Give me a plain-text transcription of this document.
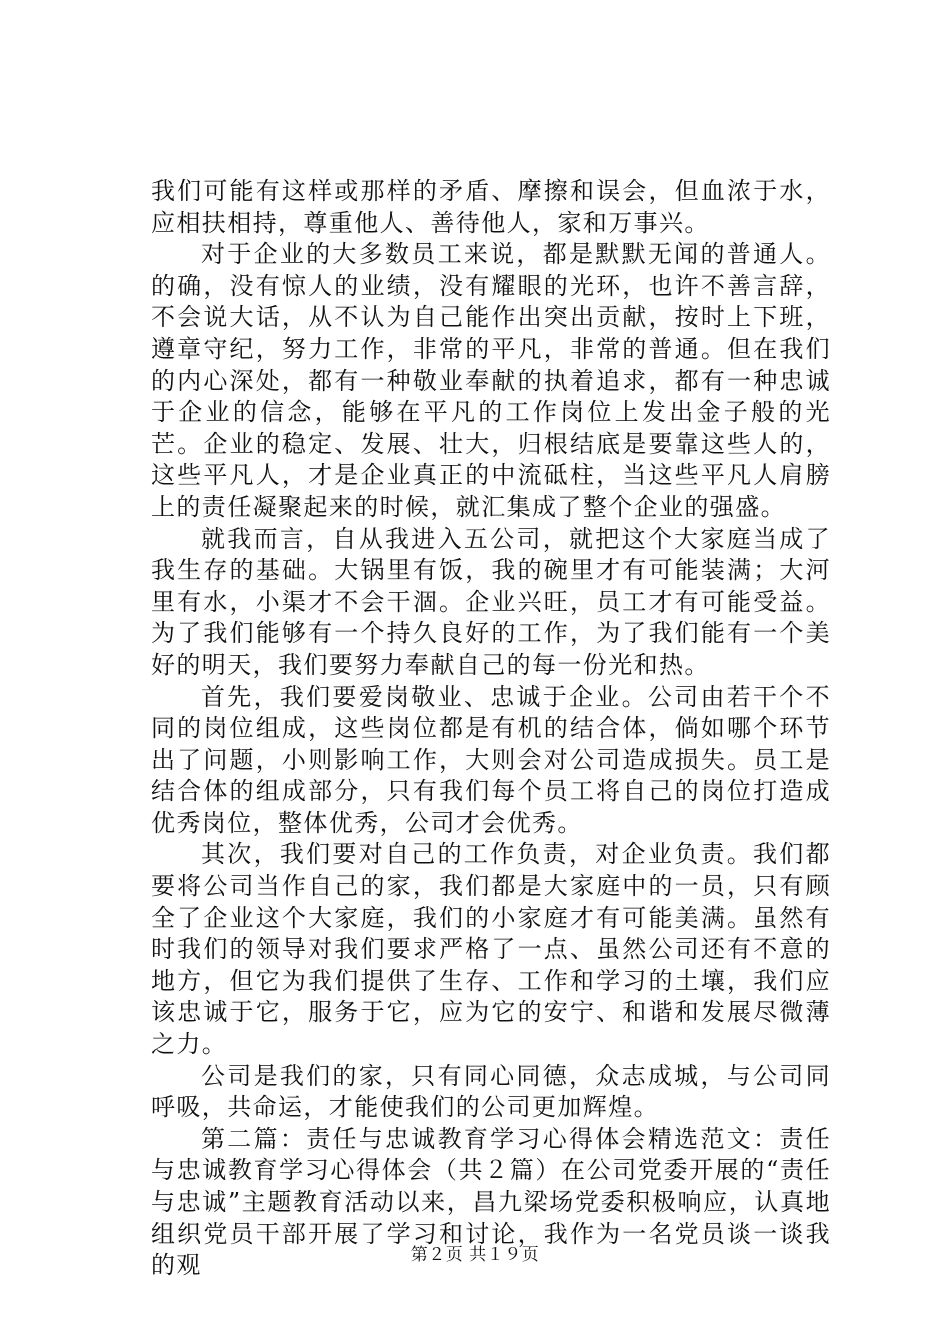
我们可能有这样或那样的矛盾、摩擦和误会，但血浓于水，应相扶相持，尊重他人、善待他人，家和万事兴。

对于企业的大多数员工来说，都是默默无闻的普通人。的确，没有惊人的业绩，没有耀眼的光环，也许不善言辞，不会说大话，从不认为自己能作出突出贡献，按时上下班，遵章守纪，努力工作，非常的平凡，非常的普通。但在我们的内心深处，都有一种敬业奉献的执着追求，都有一种忠诚于企业的信念，能够在平凡的工作岗位上发出金子般的光芒。企业的稳定、发展、壮大，归根结底是要靠这些人的，这些平凡人，才是企业真正的中流砥柱，当这些平凡人肩膀上的责任凝聚起来的时候，就汇集成了整个企业的强盛。

就我而言，自从我进入五公司，就把这个大家庭当成了我生存的基础。大锅里有饭，我的碗里才有可能装满；大河里有水，小渠才不会干涸。企业兴旺，员工才有可能受益。为了我们能够有一个持久良好的工作，为了我们能有一个美好的明天，我们要努力奉献自己的每一份光和热。

首先，我们要爱岗敬业、忠诚于企业。公司由若干个不同的岗位组成，这些岗位都是有机的结合体，倘如哪个环节出了问题，小则影响工作，大则会对公司造成损失。员工是结合体的组成部分，只有我们每个员工将自己的岗位打造成优秀岗位，整体优秀，公司才会优秀。

其次，我们要对自己的工作负责，对企业负责。我们都要将公司当作自己的家，我们都是大家庭中的一员，只有顾全了企业这个大家庭，我们的小家庭才有可能美满。虽然有时我们的领导对我们要求严格了一点、虽然公司还有不意的地方，但它为我们提供了生存、工作和学习的土壤，我们应该忠诚于它，服务于它，应为它的安宁、和谐和发展尽微薄之力。

公司是我们的家，只有同心同德，众志成城，与公司同呼吸，共命运，才能使我们的公司更加辉煌。

第二篇：责任与忠诚教育学习心得体会精选范文：责任与忠诚教育学习心得体会（共２篇）在公司党委开展的“责任与忠诚”主题教育活动以来，昌九梁场党委积极响应，认真地组织党员干部开展了学习和讨论，我作为一名党员谈一谈我的观	第２页 共１９页
